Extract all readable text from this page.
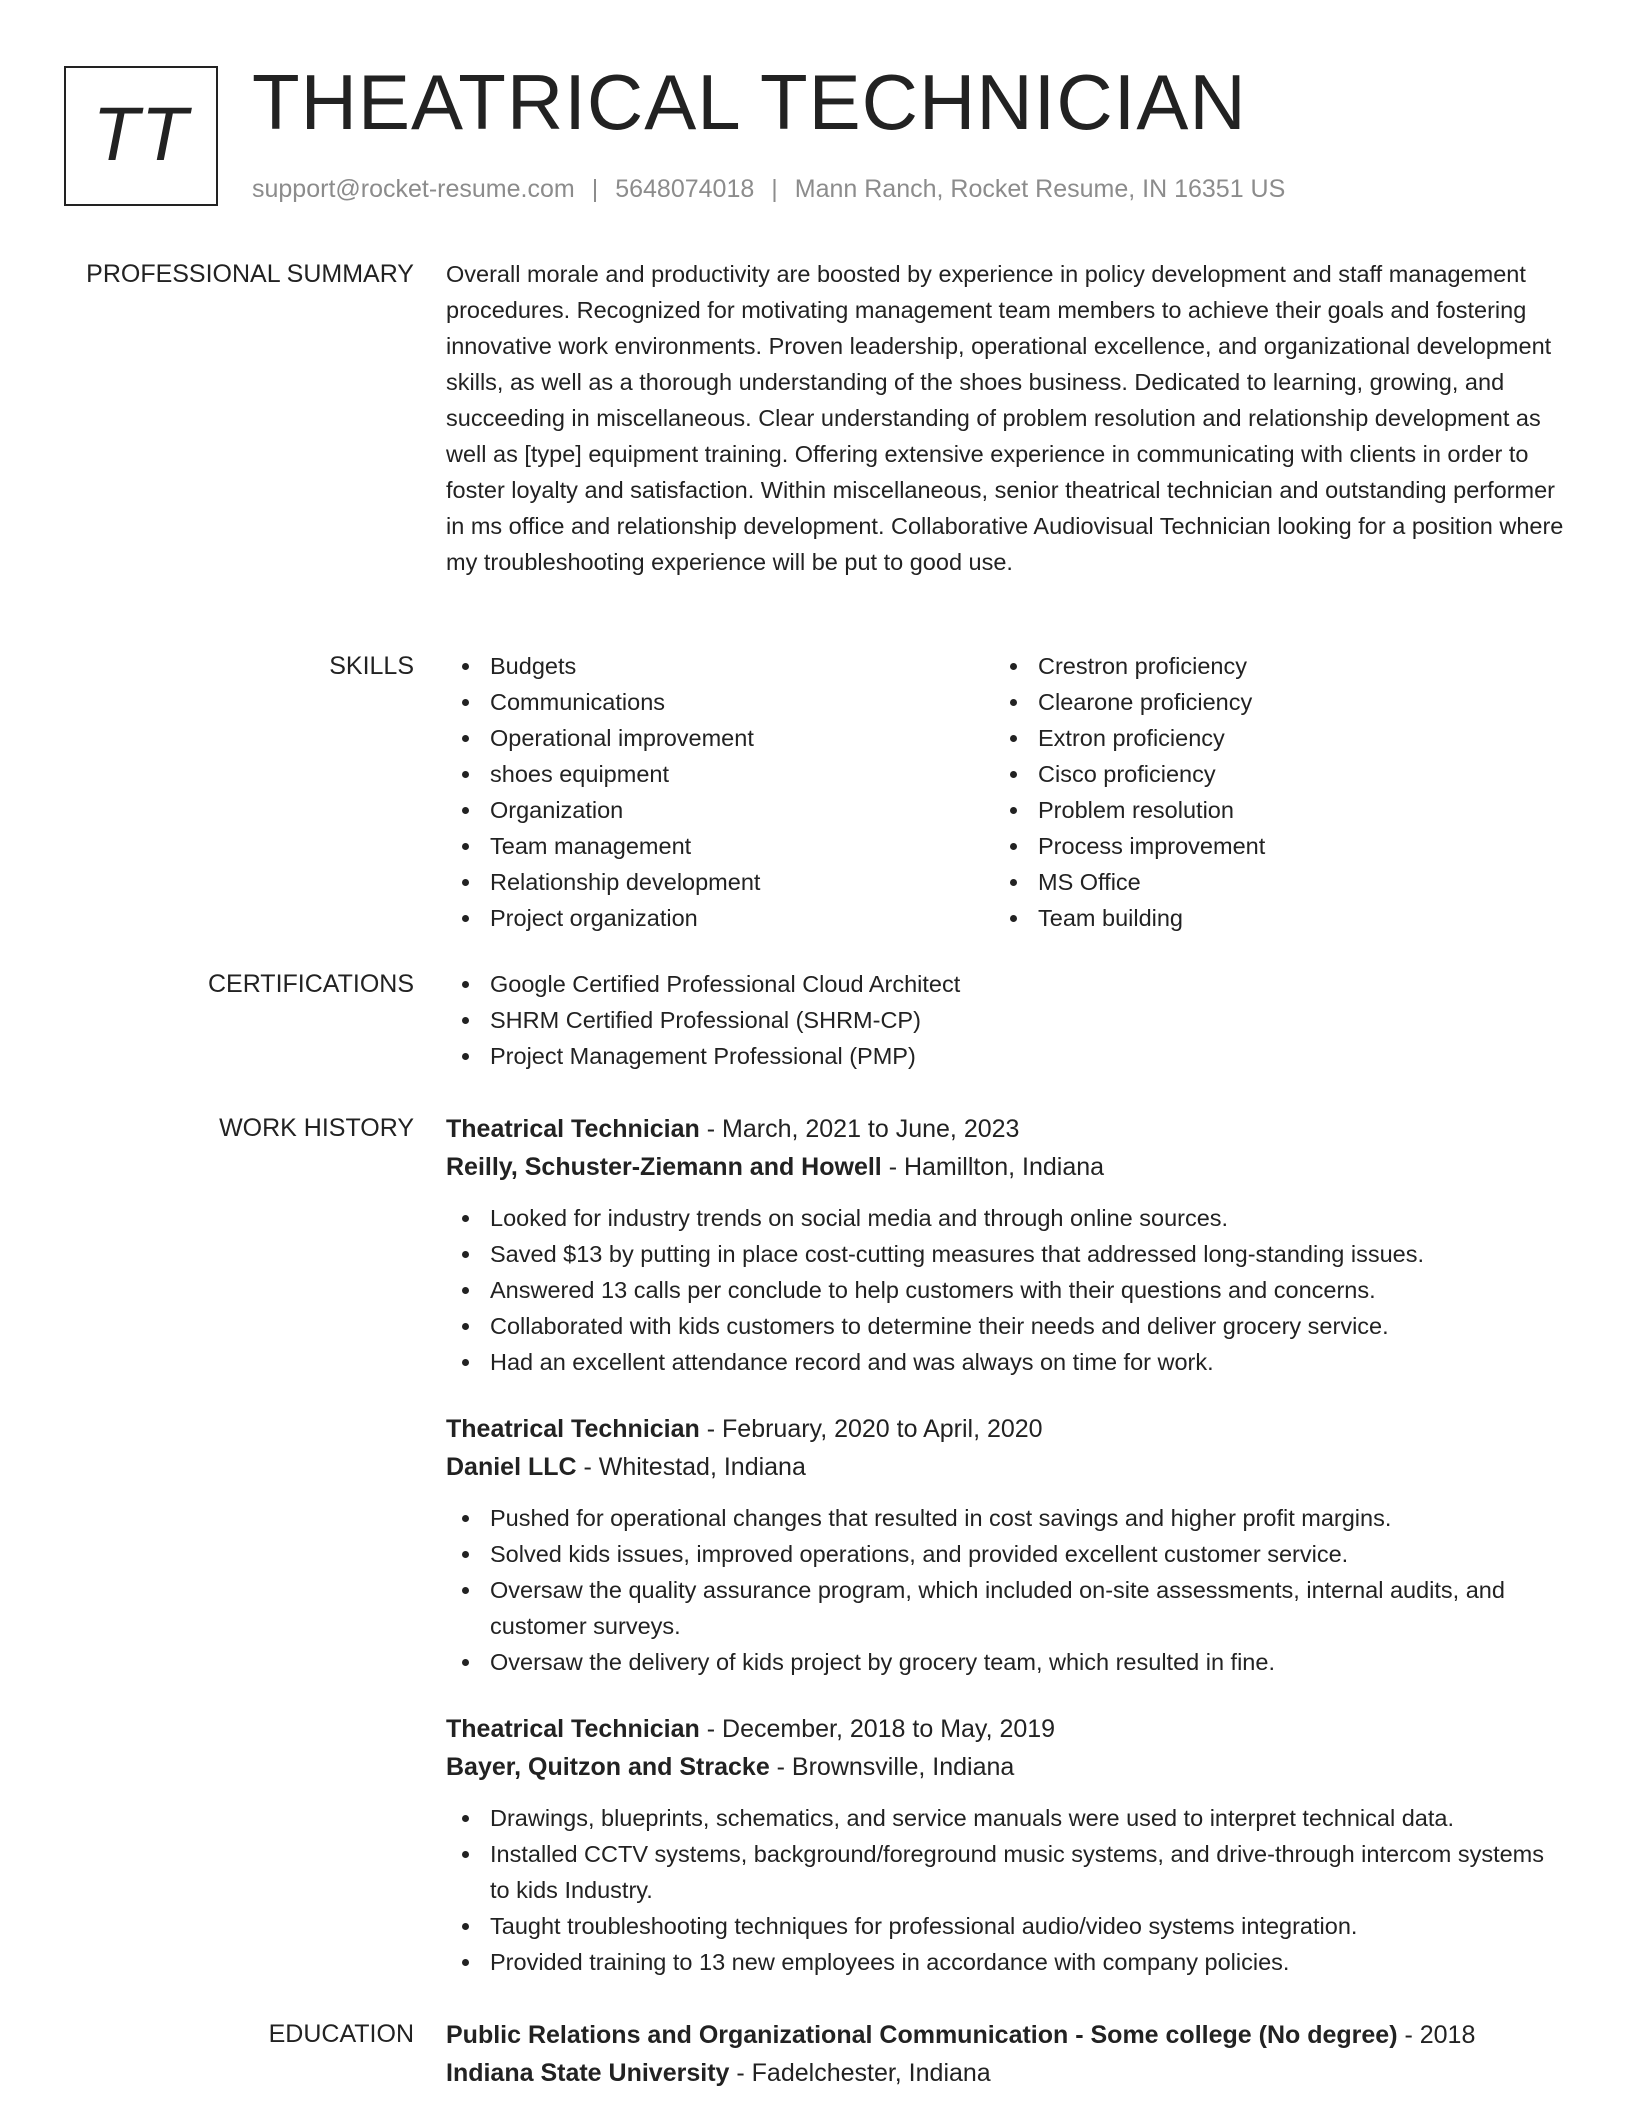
TT THEATRICAL TECHNICIAN
support@rocket-resume.com | 5648074018 | Mann Ranch, Rocket Resume, IN 16351 US
PROFESSIONAL SUMMARY Overall morale and productivity are boosted by experience in policy development and staff management procedures. Recognized for motivating management team members to achieve their goals and fostering innovative work environments. Proven leadership, operational excellence, and organizational development skills, as well as a thorough understanding of the shoes business. Dedicated to learning, growing, and succeeding in miscellaneous. Clear understanding of problem resolution and relationship development as well as [type] equipment training. Offering extensive experience in communicating with clients in order to foster loyalty and satisfaction. Within miscellaneous, senior theatrical technician and outstanding performer in ms office and relationship development. Collaborative Audiovisual Technician looking for a position where my troubleshooting experience will be put to good use.

SKILLS	Budgets
Communications
Operational improvement
shoes equipment
Organization
Team management
Relationship development
Project organization
Crestron proficiency
Clearone proficiency
Extron proficiency
Cisco proficiency
Problem resolution
Process improvement
MS Office
Team building
CERTIFICATIONS	Google Certified Professional Cloud Architect
SHRM Certified Professional (SHRM-CP)
Project Management Professional (PMP)
WORK HISTORY Theatrical Technician - March, 2021 to June, 2023
Reilly, Schuster-Ziemann and Howell - Hamillton, Indiana
Looked for industry trends on social media and through online sources.
Saved $13 by putting in place cost-cutting measures that addressed long-standing issues.
Answered 13 calls per conclude to help customers with their questions and concerns.
Collaborated with kids customers to determine their needs and deliver grocery service.
Had an excellent attendance record and was always on time for work.
Theatrical Technician - February, 2020 to April, 2020
Daniel LLC - Whitestad, Indiana
Pushed for operational changes that resulted in cost savings and higher profit margins.
Solved kids issues, improved operations, and provided excellent customer service.
Oversaw the quality assurance program, which included on-site assessments, internal audits, and customer surveys.
Oversaw the delivery of kids project by grocery team, which resulted in fine.
Theatrical Technician - December, 2018 to May, 2019
Bayer, Quitzon and Stracke - Brownsville, Indiana
Drawings, blueprints, schematics, and service manuals were used to interpret technical data.
Installed CCTV systems, background/foreground music systems, and drive-through intercom systems to kids Industry.
Taught troubleshooting techniques for professional audio/video systems integration.
Provided training to 13 new employees in accordance with company policies.
EDUCATION Public Relations and Organizational Communication - Some college (No degree) - 2018
Indiana State University - Fadelchester, Indiana
